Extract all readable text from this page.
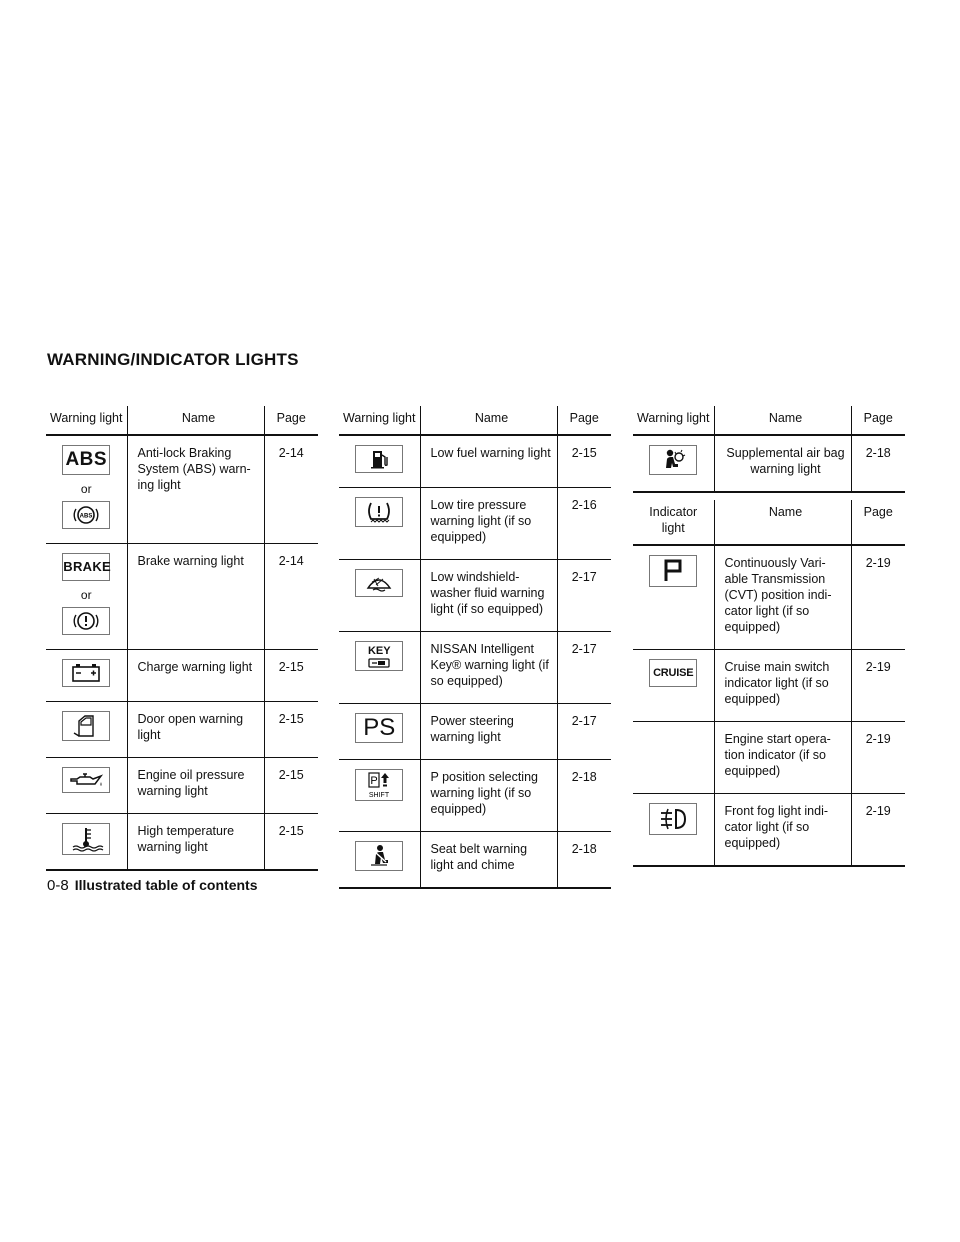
WARNING/INDICATOR LIGHTS
Warning light	Name	Page
ABS
or
ABS	Anti-lock Braking System (ABS) warn- ing light	2-14
BRAKE
or	Brake warning light	2-14

	Charge warning light	2-15

	Door open warning light	2-15

	Engine oil pressure warning light	2-15

	High temperature warning light	2-15
Warning light	Name	Page

	Low fuel warning light	2-15

	Low tire pressure warning light (if so equipped)	2-16

	Low windshield- washer fluid warning light (if so equipped)	2-17

KEY	NISSAN Intelligent Key® warning light (if so equipped)	2-17
PS	Power steering warning light	2-17

P
SHIFT	P position selecting warning light (if so equipped)	2-18

	Seat belt warning light and chime	2-18
Warning light	Name	Page

	Supplemental air bag warning light	2-18
Indicator light	Name	Page

	Continuously Vari- able Transmission (CVT) position indi- cator light (if so equipped)	2-19
CRUISE	Cruise main switch indicator light (if so equipped)	2-19
	Engine start opera- tion indicator (if so equipped)	2-19

	Front fog light indi- cator light (if so equipped)	2-19
0-8 Illustrated table of contents
